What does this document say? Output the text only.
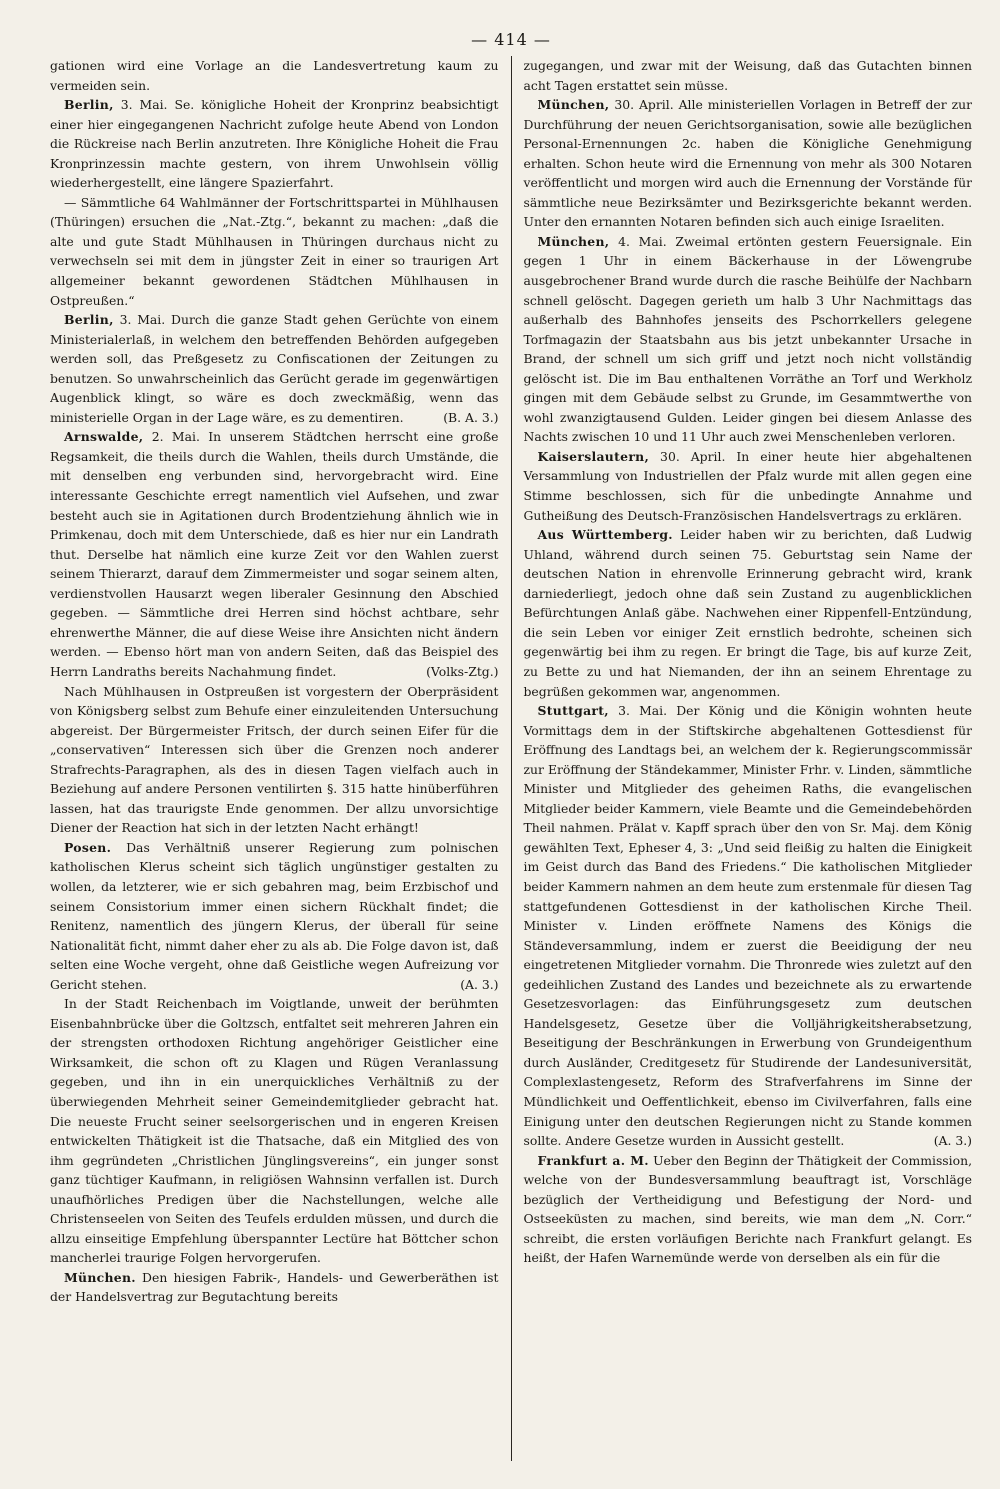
— 414 —

gationen wird eine Vorlage an die Landesvertretung kaum zu vermeiden sein.

Berlin, 3. Mai. Se. königliche Hoheit der Kronprinz beabsichtigt einer hier eingegangenen Nachricht zufolge heute Abend von London die Rückreise nach Berlin anzutreten. Ihre Königliche Hoheit die Frau Kronprinzessin machte gestern, von ihrem Unwohlsein völlig wiederhergestellt, eine längere Spazierfahrt.

— Sämmtliche 64 Wahlmänner der Fortschrittspartei in Mühlhausen (Thüringen) ersuchen die „Nat.-Ztg.“, bekannt zu machen: „daß die alte und gute Stadt Mühlhausen in Thüringen durchaus nicht zu verwechseln sei mit dem in jüngster Zeit in einer so traurigen Art allgemeiner bekannt gewordenen Städtchen Mühlhausen in Ostpreußen.“

Berlin, 3. Mai. Durch die ganze Stadt gehen Gerüchte von einem Ministerialerlaß, in welchem den betreffenden Behörden aufgegeben werden soll, das Preßgesetz zu Confiscationen der Zeitungen zu benutzen. So unwahrscheinlich das Gerücht gerade im gegenwärtigen Augenblick klingt, so wäre es doch zweckmäßig, wenn das ministerielle Organ in der Lage wäre, es zu dementiren.	(B. A. 3.)

Arnswalde, 2. Mai. In unserem Städtchen herrscht eine große Regsamkeit, die theils durch die Wahlen, theils durch Umstände, die mit denselben eng verbunden sind, hervorgebracht wird. Eine interessante Geschichte erregt namentlich viel Aufsehen, und zwar besteht auch sie in Agitationen durch Brodentziehung ähnlich wie in Primkenau, doch mit dem Unterschiede, daß es hier nur ein Landrath thut. Derselbe hat nämlich eine kurze Zeit vor den Wahlen zuerst seinem Thierarzt, darauf dem Zimmermeister und sogar seinem alten, verdienstvollen Hausarzt wegen liberaler Gesinnung den Abschied gegeben. — Sämmtliche drei Herren sind höchst achtbare, sehr ehrenwerthe Männer, die auf diese Weise ihre Ansichten nicht ändern werden. — Ebenso hört man von andern Seiten, daß das Beispiel des Herrn Landraths bereits Nachahmung findet.	(Volks-Ztg.)

Nach Mühlhausen in Ostpreußen ist vorgestern der Oberpräsident von Königsberg selbst zum Behufe einer einzuleitenden Untersuchung abgereist. Der Bürgermeister Fritsch, der durch seinen Eifer für die „conservativen“ Interessen sich über die Grenzen noch anderer Strafrechts-Paragraphen, als des in diesen Tagen vielfach auch in Beziehung auf andere Personen ventilirten §. 315 hatte hinüberführen lassen, hat das traurigste Ende genommen. Der allzu unvorsichtige Diener der Reaction hat sich in der letzten Nacht erhängt!

Posen. Das Verhältniß unserer Regierung zum polnischen katholischen Klerus scheint sich täglich ungünstiger gestalten zu wollen, da letzterer, wie er sich gebahren mag, beim Erzbischof und seinem Consistorium immer einen sichern Rückhalt findet; die Renitenz, namentlich des jüngern Klerus, der überall für seine Nationalität ficht, nimmt daher eher zu als ab. Die Folge davon ist, daß selten eine Woche vergeht, ohne daß Geistliche wegen Aufreizung vor Gericht stehen.	(A. 3.)

In der Stadt Reichenbach im Voigtlande, unweit der berühmten Eisenbahnbrücke über die Goltzsch, entfaltet seit mehreren Jahren ein der strengsten orthodoxen Richtung angehöriger Geistlicher eine Wirksamkeit, die schon oft zu Klagen und Rügen Veranlassung gegeben, und ihn in ein unerquickliches Verhältniß zu der überwiegenden Mehrheit seiner Gemeindemitglieder gebracht hat. Die neueste Frucht seiner seelsorgerischen und in engeren Kreisen entwickelten Thätigkeit ist die Thatsache, daß ein Mitglied des von ihm gegründeten „Christlichen Jünglingsvereins“, ein junger sonst ganz tüchtiger Kaufmann, in religiösen Wahnsinn verfallen ist. Durch unaufhörliches Predigen über die Nachstellungen, welche alle Christenseelen von Seiten des Teufels erdulden müssen, und durch die allzu einseitige Empfehlung überspannter Lectüre hat Böttcher schon mancherlei traurige Folgen hervorgerufen.

München. Den hiesigen Fabrik-, Handels- und Gewerberäthen ist der Handelsvertrag zur Begutachtung bereits

zugegangen, und zwar mit der Weisung, daß das Gutachten binnen acht Tagen erstattet sein müsse.

München, 30. April. Alle ministeriellen Vorlagen in Betreff der zur Durchführung der neuen Gerichtsorganisation, sowie alle bezüglichen Personal-Ernennungen 2c. haben die Königliche Genehmigung erhalten. Schon heute wird die Ernennung von mehr als 300 Notaren veröffentlicht und morgen wird auch die Ernennung der Vorstände für sämmtliche neue Bezirksämter und Bezirksgerichte bekannt werden. Unter den ernannten Notaren befinden sich auch einige Israeliten.

München, 4. Mai. Zweimal ertönten gestern Feuersignale. Ein gegen 1 Uhr in einem Bäckerhause in der Löwengrube ausgebrochener Brand wurde durch die rasche Beihülfe der Nachbarn schnell gelöscht. Dagegen gerieth um halb 3 Uhr Nachmittags das außerhalb des Bahnhofes jenseits des Pschorrkellers gelegene Torfmagazin der Staatsbahn aus bis jetzt unbekannter Ursache in Brand, der schnell um sich griff und jetzt noch nicht vollständig gelöscht ist. Die im Bau enthaltenen Vorräthe an Torf und Werkholz gingen mit dem Gebäude selbst zu Grunde, im Gesammtwerthe von wohl zwanzigtausend Gulden. Leider gingen bei diesem Anlasse des Nachts zwischen 10 und 11 Uhr auch zwei Menschenleben verloren.

Kaiserslautern, 30. April. In einer heute hier abgehaltenen Versammlung von Industriellen der Pfalz wurde mit allen gegen eine Stimme beschlossen, sich für die unbedingte Annahme und Gutheißung des Deutsch-Französischen Handelsvertrags zu erklären.

Aus Württemberg. Leider haben wir zu berichten, daß Ludwig Uhland, während durch seinen 75. Geburtstag sein Name der deutschen Nation in ehrenvolle Erinnerung gebracht wird, krank darniederliegt, jedoch ohne daß sein Zustand zu augenblicklichen Befürchtungen Anlaß gäbe. Nachwehen einer Rippenfell-Entzündung, die sein Leben vor einiger Zeit ernstlich bedrohte, scheinen sich gegenwärtig bei ihm zu regen. Er bringt die Tage, bis auf kurze Zeit, zu Bette zu und hat Niemanden, der ihn an seinem Ehrentage zu begrüßen gekommen war, angenommen.

Stuttgart, 3. Mai. Der König und die Königin wohnten heute Vormittags dem in der Stiftskirche abgehaltenen Gottesdienst für Eröffnung des Landtags bei, an welchem der k. Regierungscommissär zur Eröffnung der Ständekammer, Minister Frhr. v. Linden, sämmtliche Minister und Mitglieder des geheimen Raths, die evangelischen Mitglieder beider Kammern, viele Beamte und die Gemeindebehörden Theil nahmen. Prälat v. Kapff sprach über den von Sr. Maj. dem König gewählten Text, Epheser 4, 3: „Und seid fleißig zu halten die Einigkeit im Geist durch das Band des Friedens.“ Die katholischen Mitglieder beider Kammern nahmen an dem heute zum erstenmale für diesen Tag stattgefundenen Gottesdienst in der katholischen Kirche Theil. Minister v. Linden eröffnete Namens des Königs die Ständeversammlung, indem er zuerst die Beeidigung der neu eingetretenen Mitglieder vornahm. Die Thronrede wies zuletzt auf den gedeihlichen Zustand des Landes und bezeichnete als zu erwartende Gesetzesvorlagen: das Einführungsgesetz zum deutschen Handelsgesetz, Gesetze über die Volljährigkeitsherabsetzung, Beseitigung der Beschränkungen in Erwerbung von Grundeigenthum durch Ausländer, Creditgesetz für Studirende der Landesuniversität, Complexlastengesetz, Reform des Strafverfahrens im Sinne der Mündlichkeit und Oeffentlichkeit, ebenso im Civilverfahren, falls eine Einigung unter den deutschen Regierungen nicht zu Stande kommen sollte. Andere Gesetze wurden in Aussicht gestellt.	(A. 3.)

Frankfurt a. M. Ueber den Beginn der Thätigkeit der Commission, welche von der Bundesversammlung beauftragt ist, Vorschläge bezüglich der Vertheidigung und Befestigung der Nord- und Ostseeküsten zu machen, sind bereits, wie man dem „N. Corr.“ schreibt, die ersten vorläufigen Berichte nach Frankfurt gelangt. Es heißt, der Hafen Warnemünde werde von derselben als ein für die
